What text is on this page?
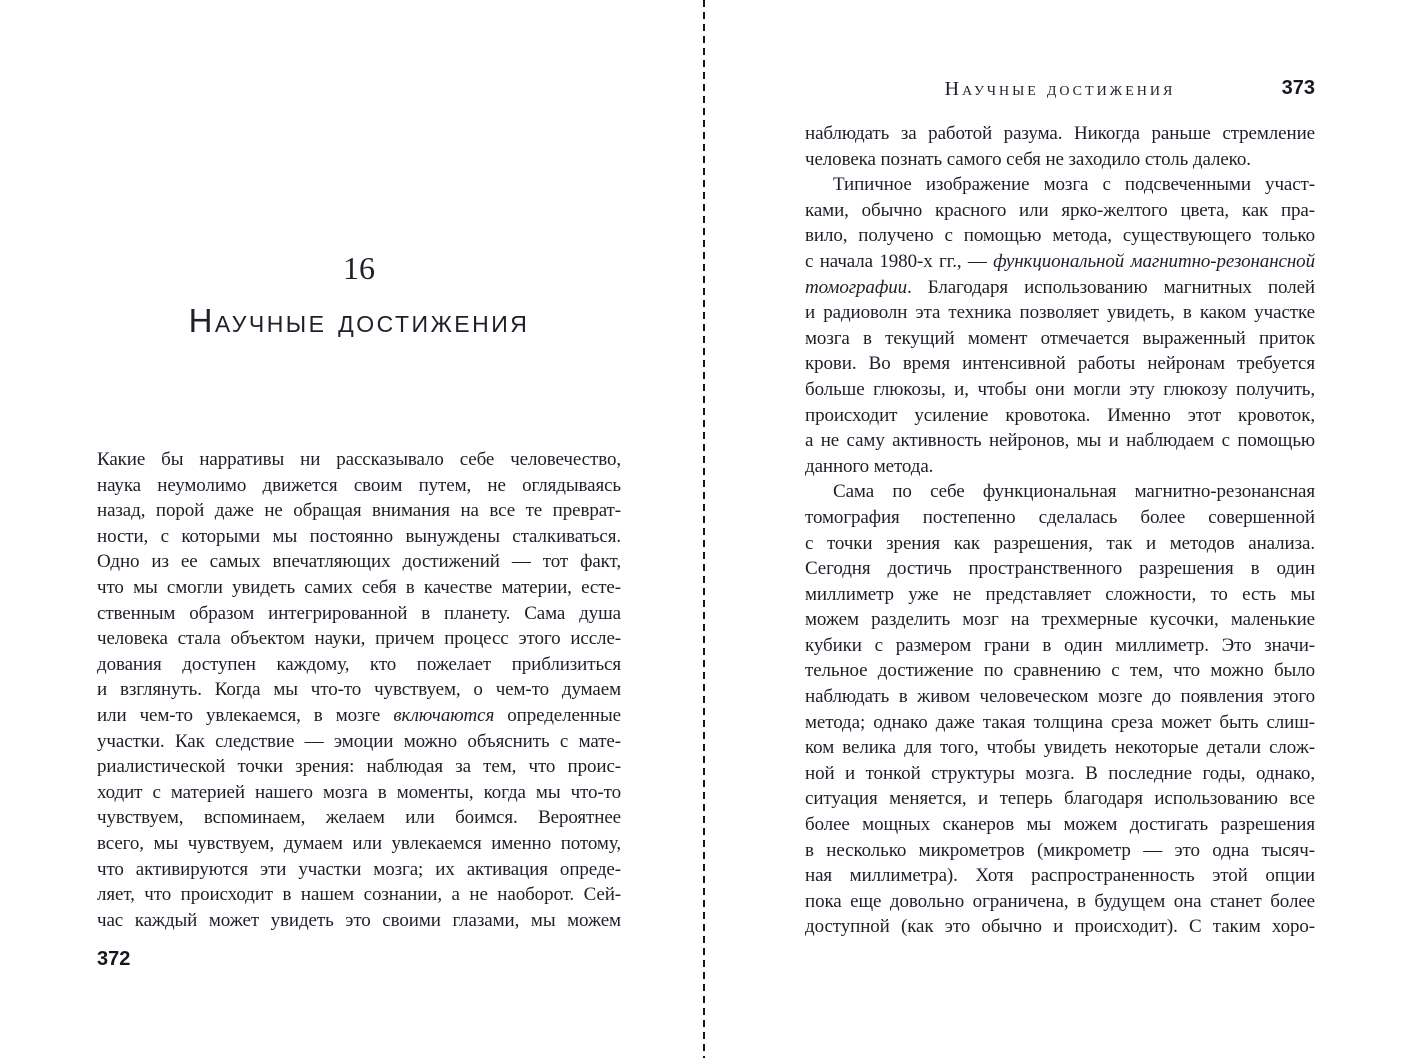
16
Научные достижения
Какие бы нарративы ни рассказывало себе человечество,
наука неумолимо движется своим путем, не оглядываясь
назад, порой даже не обращая внимания на все те преврат-
ности, с которыми мы постоянно вынуждены сталкиваться.
Одно из ее самых впечатляющих достижений — тот факт,
что мы смогли увидеть самих себя в качестве материи, есте-
ственным образом интегрированной в планету. Сама душа
человека стала объектом науки, причем процесс этого иссле-
дования доступен каждому, кто пожелает приблизиться
и взглянуть. Когда мы что-то чувствуем, о чем-то думаем
или чем-то увлекаемся, в мозге включаются определенные
участки. Как следствие — эмоции можно объяснить с мате-
риалистической точки зрения: наблюдая за тем, что проис-
ходит с материей нашего мозга в моменты, когда мы что-то
чувствуем, вспоминаем, желаем или боимся. Вероятнее
всего, мы чувствуем, думаем или увлекаемся именно потому,
что активируются эти участки мозга; их активация опреде-
ляет, что происходит в нашем сознании, а не наоборот. Сей-
час каждый может увидеть это своими глазами, мы можем
372
Научные достижения	373
наблюдать за работой разума. Никогда раньше стремление
человека познать самого себя не заходило столь далеко.
Типичное изображение мозга с подсвеченными участ-
ками, обычно красного или ярко-желтого цвета, как пра-
вило, получено с помощью метода, существующего только
с начала 1980-х гг., — функциональной магнитно-резонансной
томографии. Благодаря использованию магнитных полей
и радиоволн эта техника позволяет увидеть, в каком участке
мозга в текущий момент отмечается выраженный приток
крови. Во время интенсивной работы нейронам требуется
больше глюкозы, и, чтобы они могли эту глюкозу получить,
происходит усиление кровотока. Именно этот кровоток,
а не саму активность нейронов, мы и наблюдаем с помощью
данного метода.
Сама по себе функциональная магнитно-резонансная
томография постепенно сделалась более совершенной
с точки зрения как разрешения, так и методов анализа.
Сегодня достичь пространственного разрешения в один
миллиметр уже не представляет сложности, то есть мы
можем разделить мозг на трехмерные кусочки, маленькие
кубики с размером грани в один миллиметр. Это значи-
тельное достижение по сравнению с тем, что можно было
наблюдать в живом человеческом мозге до появления этого
метода; однако даже такая толщина среза может быть слиш-
ком велика для того, чтобы увидеть некоторые детали слож-
ной и тонкой структуры мозга. В последние годы, однако,
ситуация меняется, и теперь благодаря использованию все
более мощных сканеров мы можем достигать разрешения
в несколько микрометров (микрометр — это одна тысяч-
ная миллиметра). Хотя распространенность этой опции
пока еще довольно ограничена, в будущем она станет более
доступной (как это обычно и происходит). С таким хоро-
